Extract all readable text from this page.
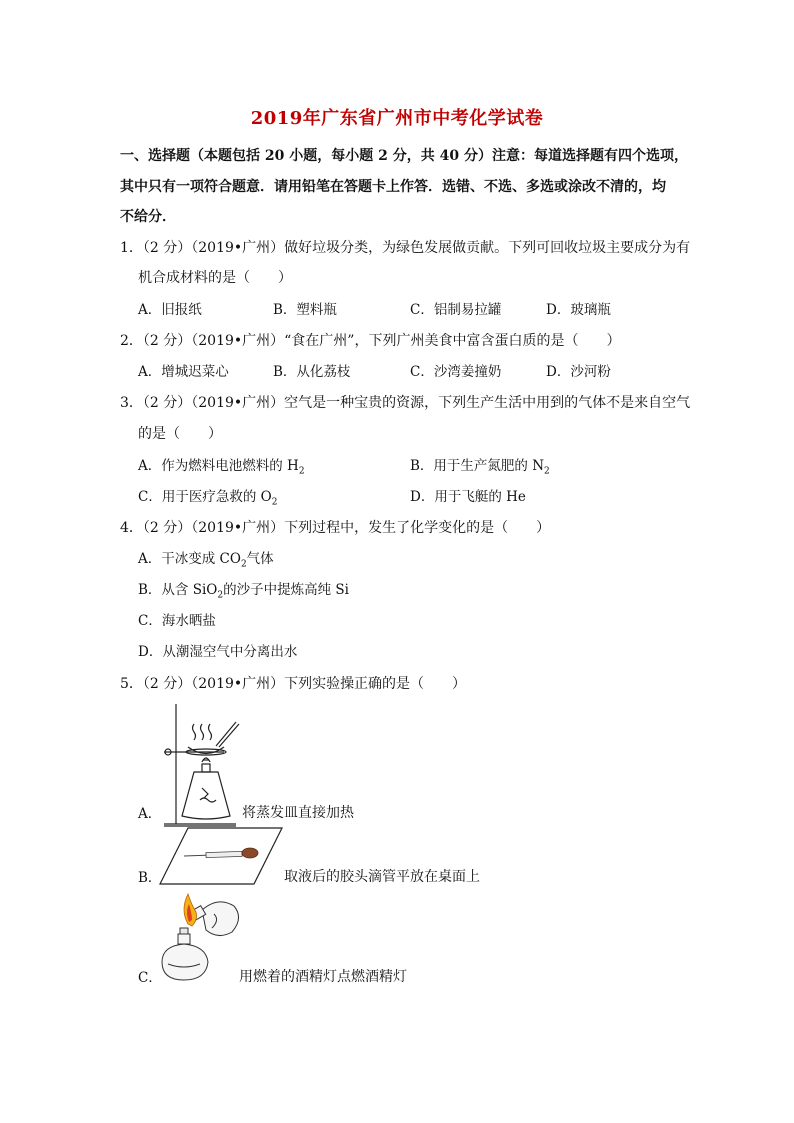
2019年广东省广州市中考化学试卷
一、选择题（本题包括 20 小题，每小题 2 分，共 40 分）注意：每道选择题有四个选项，
其中只有一项符合题意．请用铅笔在答题卡上作答．选错、不选、多选或涂改不清的，均
不给分．
1．（2 分）（2019•广州）做好垃圾分类，为绿色发展做贡献。下列可回收垃圾主要成分为有
机合成材料的是（　　）
A．旧报纸	B．塑料瓶	C．铝制易拉罐	D．玻璃瓶
2．（2 分）（2019•广州）“食在广州”，下列广州美食中富含蛋白质的是（　　）
A．增城迟菜心	B．从化荔枝	C．沙湾姜撞奶	D．沙河粉
3．（2 分）（2019•广州）空气是一种宝贵的资源，下列生产生活中用到的气体不是来自空气
的是（　　）
A．作为燃料电池燃料的 $H_2$	B．用于生产氮肥的 $N_2$
C．用于医疗急救的 $O_2$	D．用于飞艇的 He
4．（2 分）（2019•广州）下列过程中，发生了化学变化的是（　　）
A．干冰变成 $CO_2$气体
B．从含 SiO$_2$的沙子中提炼高纯 Si
C．海水晒盐
D．从潮湿空气中分离出水
5．（2 分）（2019•广州）下列实验操 正确的是（　　）
A．	将蒸发皿直接加热
B．	取液后的胶头滴管平放在桌面上
C．	用燃着的酒精灯点燃酒精灯
